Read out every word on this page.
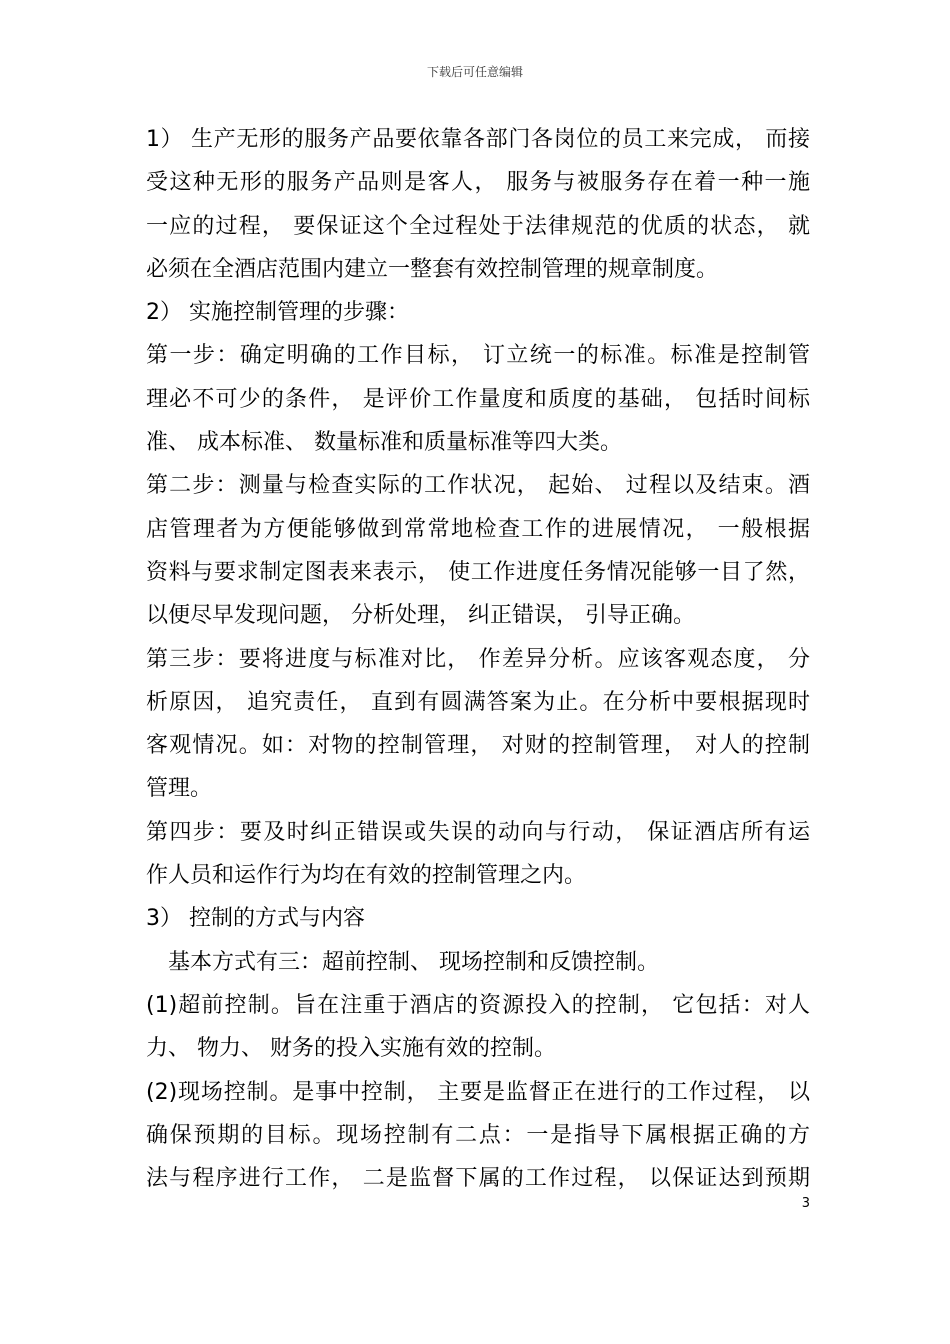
下载后可任意编辑
1） 生产无形的服务产品要依靠各部门各岗位的员工来完成， 而接
受这种无形的服务产品则是客人， 服务与被服务存在着一种一施
一应的过程， 要保证这个全过程处于法律规范的优质的状态， 就
必须在全酒店范围内建立一整套有效控制管理的规章制度。
2） 实施控制管理的步骤：
第一步：确定明确的工作目标， 订立统一的标准。标准是控制管
理必不可少的条件， 是评价工作量度和质度的基础， 包括时间标
准、 成本标准、 数量标准和质量标准等四大类。
第二步：测量与检查实际的工作状况， 起始、 过程以及结束。酒
店管理者为方便能够做到常常地检查工作的进展情况， 一般根据
资料与要求制定图表来表示， 使工作进度任务情况能够一目了然，
以便尽早发现问题， 分析处理， 纠正错误， 引导正确。
第三步：要将进度与标准对比， 作差异分析。应该客观态度， 分
析原因， 追究责任， 直到有圆满答案为止。在分析中要根据现时
客观情况。如：对物的控制管理， 对财的控制管理， 对人的控制
管理。
第四步：要及时纠正错误或失误的动向与行动， 保证酒店所有运
作人员和运作行为均在有效的控制管理之内。
3） 控制的方式与内容
基本方式有三：超前控制、 现场控制和反馈控制。
(1)超前控制。旨在注重于酒店的资源投入的控制， 它包括：对人
力、 物力、 财务的投入实施有效的控制。
(2)现场控制。是事中控制， 主要是监督正在进行的工作过程， 以
确保预期的目标。现场控制有二点：一是指导下属根据正确的方
法与程序进行工作， 二是监督下属的工作过程， 以保证达到预期
3
